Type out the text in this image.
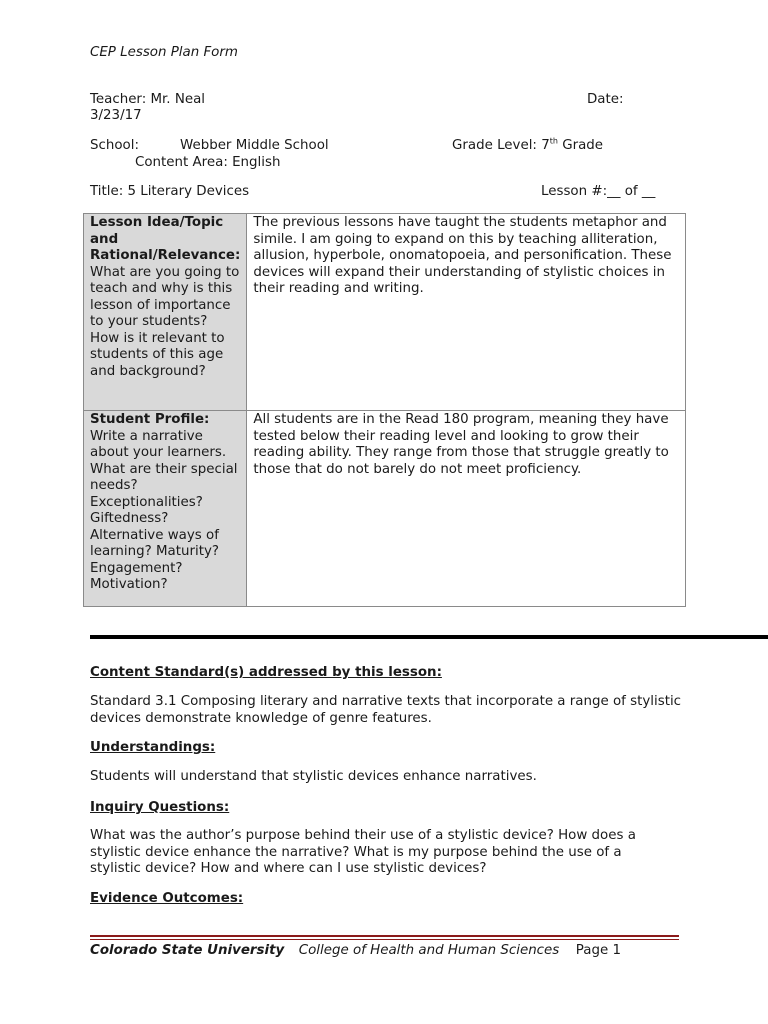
CEP Lesson Plan Form
Teacher: Mr. Neal	Date:
3/23/17
School:	Webber Middle School	Grade Level: 7th Grade
Content Area: English
Title: 5 Literary Devices	Lesson #:__ of __
Lesson Idea/Topic and Rational/Relevance: What are you going to teach and why is this lesson of importance to your students? How is it relevant to students of this age and background?	The previous lessons have taught the students metaphor and simile. I am going to expand on this by teaching alliteration, allusion, hyperbole, onomatopoeia, and personification. These devices will expand their understanding of stylistic choices in their reading and writing.
Student Profile: Write a narrative about your learners. What are their special needs? Exceptionalities? Giftedness? Alternative ways of learning? Maturity? Engagement? Motivation?	All students are in the Read 180 program, meaning they have tested below their reading level and looking to grow their reading ability. They range from those that struggle greatly to those that do not barely do not meet proficiency.
Content Standard(s) addressed by this lesson:
Standard 3.1 Composing literary and narrative texts that incorporate a range of stylistic devices demonstrate knowledge of genre features.
Understandings:
Students will understand that stylistic devices enhance narratives.
Inquiry Questions:
What was the author’s purpose behind their use of a stylistic device? How does a stylistic device enhance the narrative? What is my purpose behind the use of a stylistic device? How and where can I use stylistic devices?
Evidence Outcomes:
Colorado State University College of Health and Human Sciences Page 1
